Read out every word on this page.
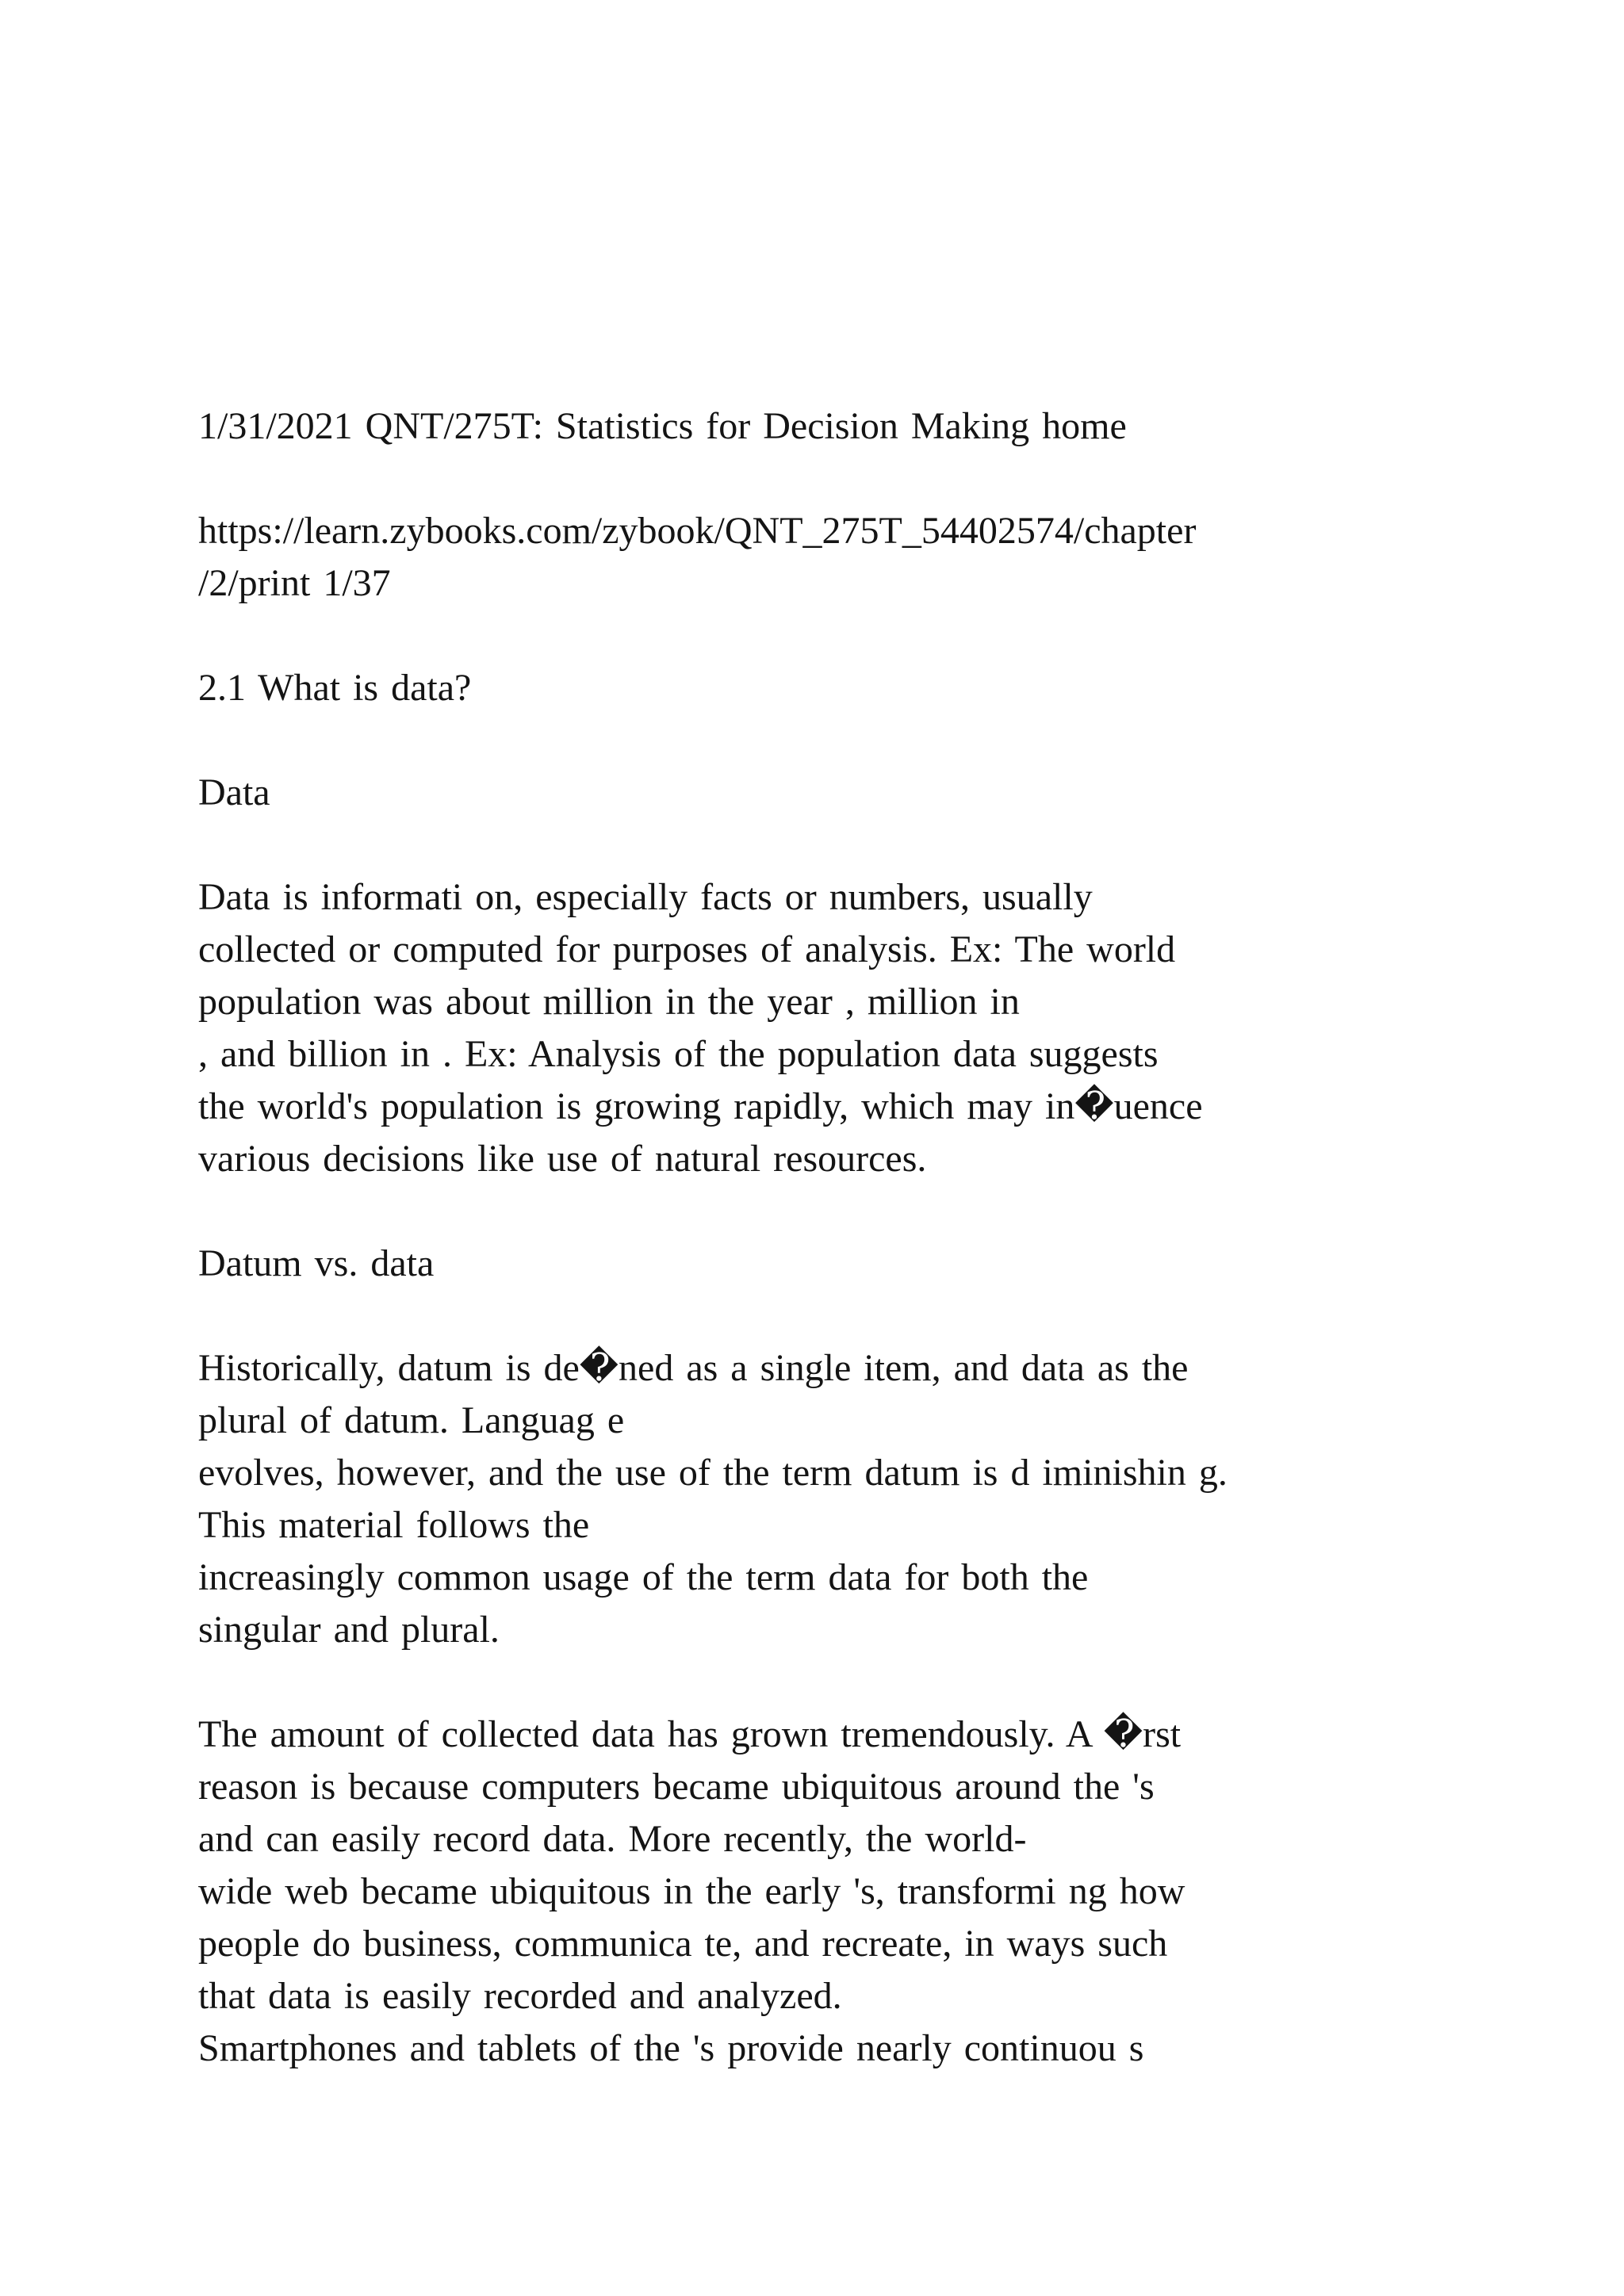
1/31/2021 QNT/275T: Statistics for Decision Making home

https://learn.zybooks.com/zybook/QNT_275T_54402574/chapter
/2/print 1/37

2.1 What is data?

Data

Data is informati on, especially facts or numbers, usually
collected or computed for purposes of analysis. Ex: The world
population was about million in the year , million in
, and billion in . Ex: Analysis of the population data suggests
the world's population is growing rapidly, which may in�uence
various decisions like use of natural resources.

Datum vs. data

Historically, datum is de�ned as a single item, and data as the
plural of datum. Languag e
evolves, however, and the use of the term datum is d iminishin g.
This material follows the
increasingly common usage of the term data for both the
singular and plural.

The amount of collected data has grown tremendously. A �rst
reason is because computers became ubiquitous around the 's
and can easily record data. More recently, the world-
wide web became ubiquitous in the early 's, transformi ng how
people do business, communica te, and recreate, in ways such
that data is easily recorded and analyzed.
Smartphones and tablets of the 's provide nearly continuou s
